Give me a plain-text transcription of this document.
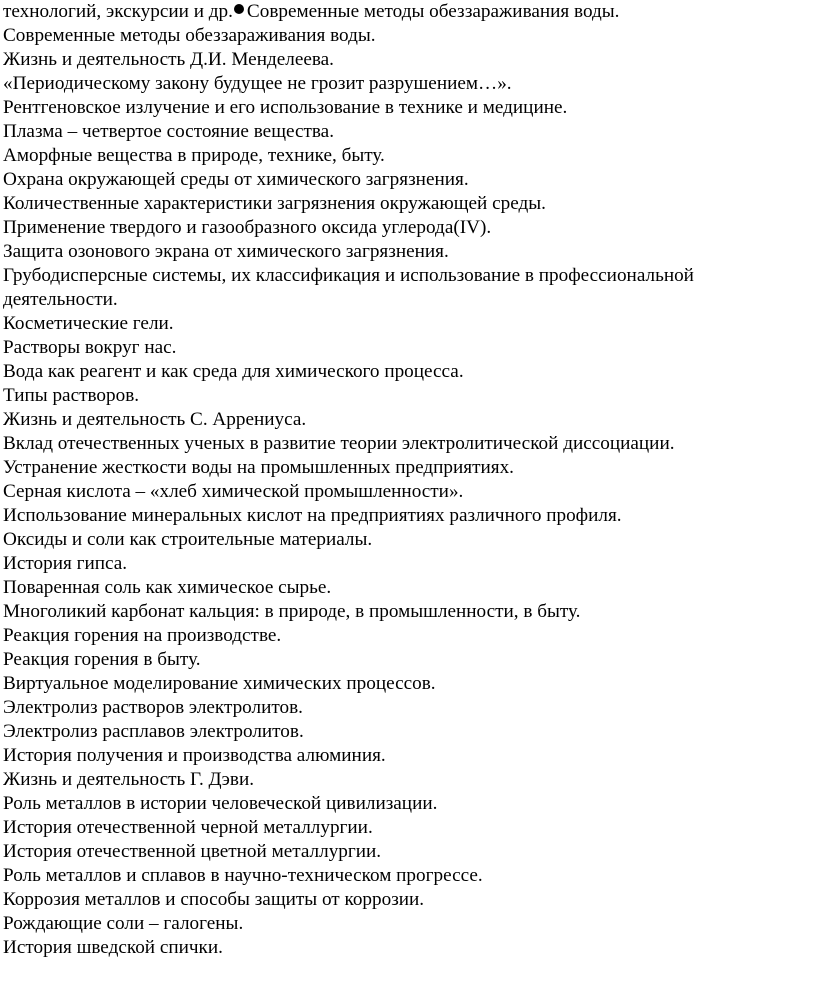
технологий, экскурсии и др. Современные методы обеззараживания воды.
Современные методы обеззараживания воды.
Жизнь и деятельность Д.И. Менделеева.
«Периодическому закону будущее не грозит разрушением…».
Рентгеновское излучение и его использование в технике и медицине.
Плазма – четвертое состояние вещества.
Аморфные вещества в природе, технике, быту.
Охрана окружающей среды от химического загрязнения.
Количественные характеристики загрязнения окружающей среды.
Применение твердого и газообразного оксида углерода(IV).
Защита озонового экрана от химического загрязнения.
Грубодисперсные системы, их классификация и использование в профессиональной деятельности.
Косметические гели.
Растворы вокруг нас.
Вода как реагент и как среда для химического процесса.
Типы растворов.
Жизнь и деятельность С. Аррениуса.
Вклад отечественных ученых в развитие теории электролитической диссоциации.
Устранение жесткости воды на промышленных предприятиях.
Серная кислота – «хлеб химической промышленности».
Использование минеральных кислот на предприятиях различного профиля.
Оксиды и соли как строительные материалы.
История гипса.
Поваренная соль как химическое сырье.
Многоликий карбонат кальция: в природе, в промышленности, в быту.
Реакция горения на производстве.
Реакция горения в быту.
Виртуальное моделирование химических процессов.
Электролиз растворов электролитов.
Электролиз расплавов электролитов.
История получения и производства алюминия.
Жизнь и деятельность Г. Дэви.
Роль металлов в истории человеческой цивилизации.
История отечественной черной металлургии.
История отечественной цветной металлургии.
Роль металлов и сплавов в научно-техническом прогрессе.
Коррозия металлов и способы защиты от коррозии.
Рождающие соли – галогены.
История шведской спички.
